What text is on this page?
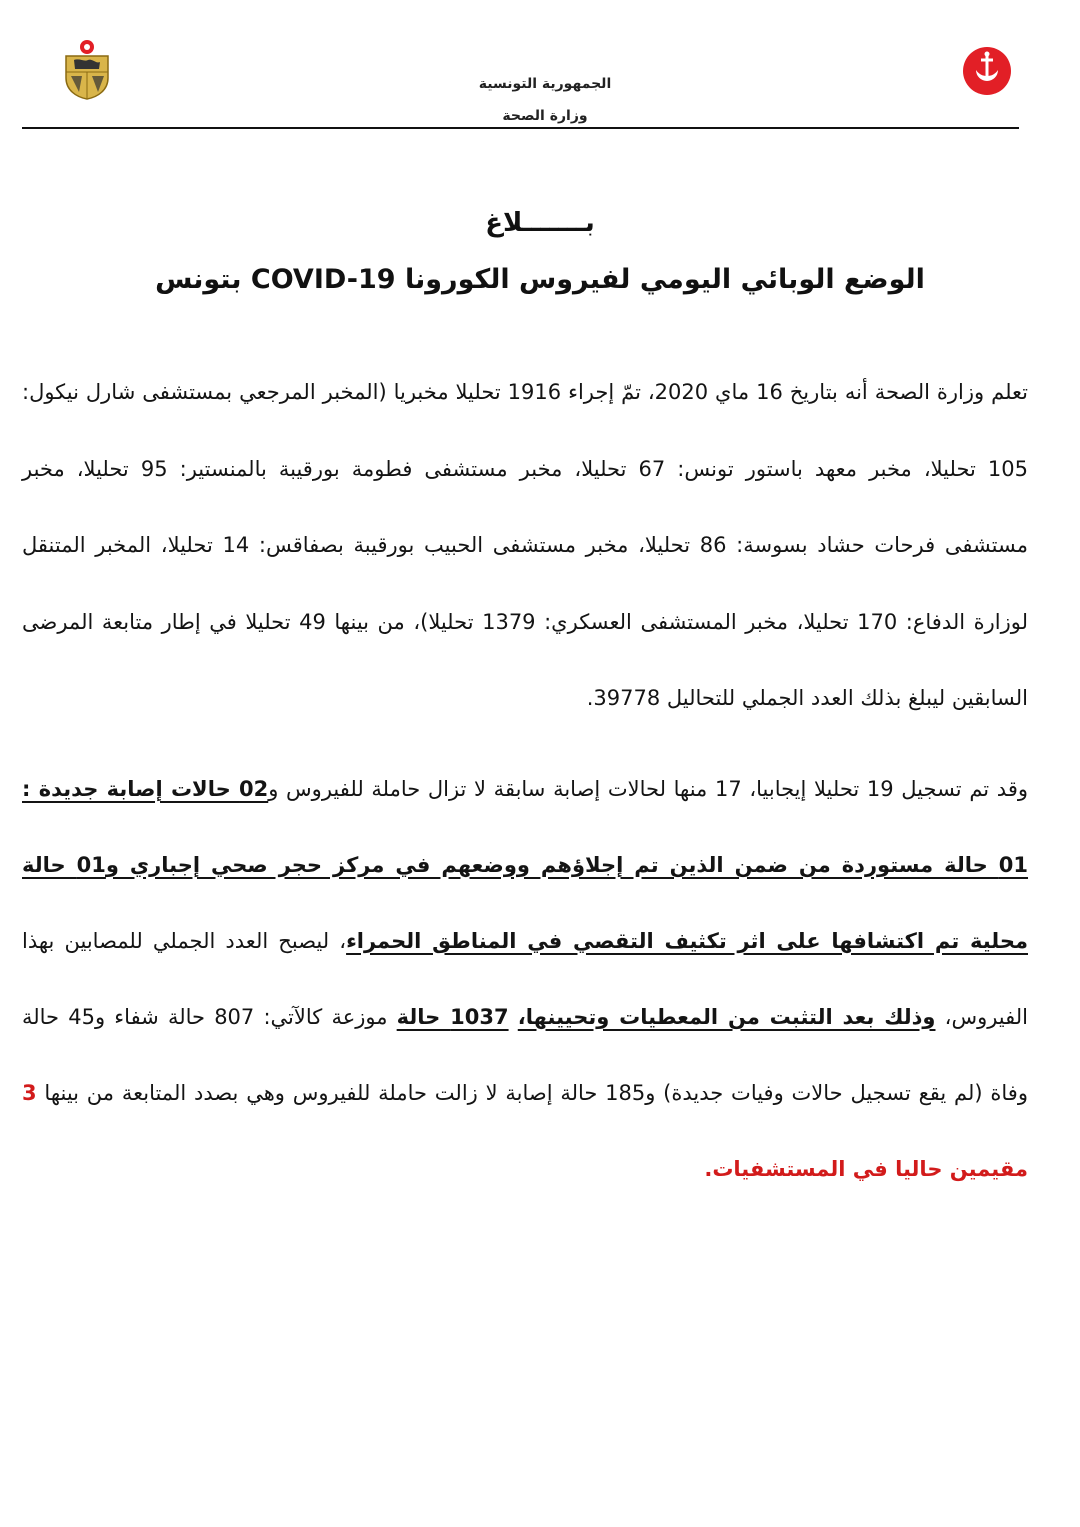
الجمهورية التونسية
وزارة الصحة
بـــــــلاغ
الوضع الوبائي اليومي لفيروس الكورونا COVID-19 بتونس

تعلم وزارة الصحة أنه بتاريخ 16 ماي 2020، تمّ إجراء 1916 تحليلا مخبريا (المخبر المرجعي بمستشفى شارل نيكول: 105 تحليلا، مخبر معهد باستور تونس: 67 تحليلا، مخبر مستشفى فطومة بورقيبة بالمنستير: 95 تحليلا، مخبر مستشفى فرحات حشاد بسوسة: 86 تحليلا، مخبر مستشفى الحبيب بورقيبة بصفاقس: 14 تحليلا، المخبر المتنقل لوزارة الدفاع: 170 تحليلا، مخبر المستشفى العسكري: 1379 تحليلا)، من بينها 49 تحليلا في إطار متابعة المرضى السابقين ليبلغ بذلك العدد الجملي للتحاليل 39778.

وقد تم تسجيل 19 تحليلا إيجابيا، 17 منها لحالات إصابة سابقة لا تزال حاملة للفيروس و02 حالات إصابة جديدة : 01 حالة مستوردة من ضمن الذين تم إجلاؤهم ووضعهم في مركز حجر صحي إجباري و01 حالة محلية تم اكتشافها على اثر تكثيف التقصي في المناطق الحمراء، ليصبح العدد الجملي للمصابين بهذا الفيروس، وذلك بعد التثبت من المعطيات وتحيينها، 1037 حالة موزعة كالآتي: 807 حالة شفاء و45 حالة وفاة (لم يقع تسجيل حالات وفيات جديدة) و185 حالة إصابة لا زالت حاملة للفيروس وهي بصدد المتابعة من بينها 3 مقيمين حاليا في المستشفيات.
